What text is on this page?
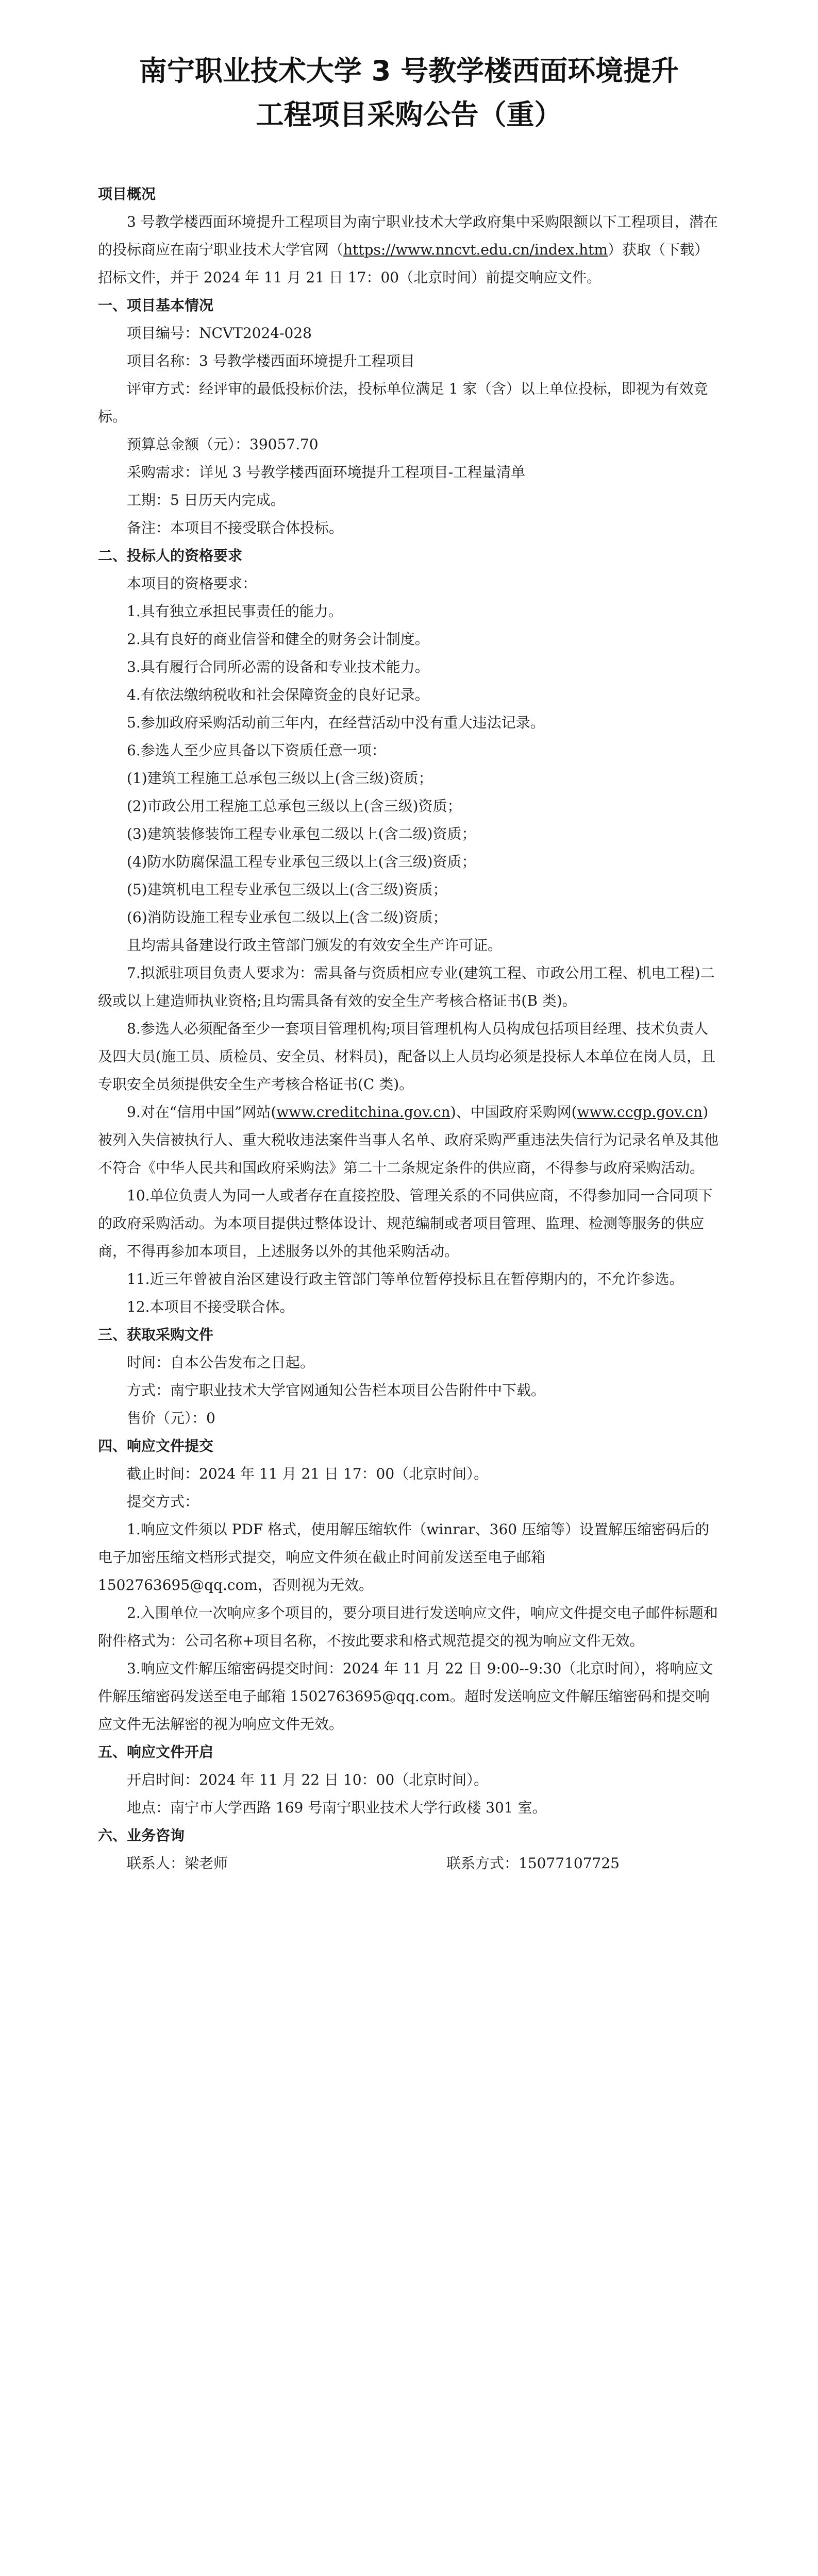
南宁职业技术大学 3 号教学楼西面环境提升
工程项目采购公告（重）

项目概况

3 号教学楼西面环境提升工程项目为南宁职业技术大学政府集中采购限额以下工程项目，潜在的投标商应在南宁职业技术大学官网（https://www.nncvt.edu.cn/index.htm）获取（下载）招标文件，并于 2024 年 11 月 21 日 17：00（北京时间）前提交响应文件。

一、项目基本情况

项目编号：NCVT2024-028

项目名称：3 号教学楼西面环境提升工程项目

评审方式：经评审的最低投标价法，投标单位满足 1 家（含）以上单位投标，即视为有效竞标。

预算总金额（元）：39057.70

采购需求：详见 3 号教学楼西面环境提升工程项目-工程量清单

工期：5 日历天内完成。

备注：本项目不接受联合体投标。

二、投标人的资格要求

本项目的资格要求：

1.具有独立承担民事责任的能力。

2.具有良好的商业信誉和健全的财务会计制度。

3.具有履行合同所必需的设备和专业技术能力。

4.有依法缴纳税收和社会保障资金的良好记录。

5.参加政府采购活动前三年内，在经营活动中没有重大违法记录。

6.参选人至少应具备以下资质任意一项：

(1)建筑工程施工总承包三级以上(含三级)资质；

(2)市政公用工程施工总承包三级以上(含三级)资质；

(3)建筑装修装饰工程专业承包二级以上(含二级)资质；

(4)防水防腐保温工程专业承包三级以上(含三级)资质；

(5)建筑机电工程专业承包三级以上(含三级)资质；

(6)消防设施工程专业承包二级以上(含二级)资质；

且均需具备建设行政主管部门颁发的有效安全生产许可证。

7.拟派驻项目负责人要求为：需具备与资质相应专业(建筑工程、市政公用工程、机电工程)二级或以上建造师执业资格;且均需具备有效的安全生产考核合格证书(B 类)。

8.参选人必须配备至少一套项目管理机构;项目管理机构人员构成包括项目经理、技术负责人及四大员(施工员、质检员、安全员、材料员)，配备以上人员均必须是投标人本单位在岗人员，且专职安全员须提供安全生产考核合格证书(C 类)。

9.对在“信用中国”网站(www.creditchina.gov.cn)、中国政府采购网(www.ccgp.gov.cn)被列入失信被执行人、重大税收违法案件当事人名单、政府采购严重违法失信行为记录名单及其他不符合《中华人民共和国政府采购法》第二十二条规定条件的供应商，不得参与政府采购活动。

10.单位负责人为同一人或者存在直接控股、管理关系的不同供应商，不得参加同一合同项下的政府采购活动。为本项目提供过整体设计、规范编制或者项目管理、监理、检测等服务的供应商，不得再参加本项目，上述服务以外的其他采购活动。

11.近三年曾被自治区建设行政主管部门等单位暂停投标且在暂停期内的，不允许参选。

12.本项目不接受联合体。

三、获取采购文件

时间：自本公告发布之日起。

方式：南宁职业技术大学官网通知公告栏本项目公告附件中下载。

售价（元）：0

四、响应文件提交

截止时间：2024 年 11 月 21 日 17：00（北京时间）。

提交方式：

1.响应文件须以 PDF 格式，使用解压缩软件（winrar、360 压缩等）设置解压缩密码后的电子加密压缩文档形式提交，响应文件须在截止时间前发送至电子邮箱 1502763695@qq.com，否则视为无效。

2.入围单位一次响应多个项目的，要分项目进行发送响应文件，响应文件提交电子邮件标题和附件格式为：公司名称+项目名称，不按此要求和格式规范提交的视为响应文件无效。

3.响应文件解压缩密码提交时间：2024 年 11 月 22 日 9:00--9:30（北京时间），将响应文件解压缩密码发送至电子邮箱 1502763695@qq.com。超时发送响应文件解压缩密码和提交响应文件无法解密的视为响应文件无效。

五、响应文件开启

开启时间：2024 年 11 月 22 日 10：00（北京时间）。

地点：南宁市大学西路 169 号南宁职业技术大学行政楼 301 室。

六、业务咨询

联系人：梁老师	联系方式：15077107725
